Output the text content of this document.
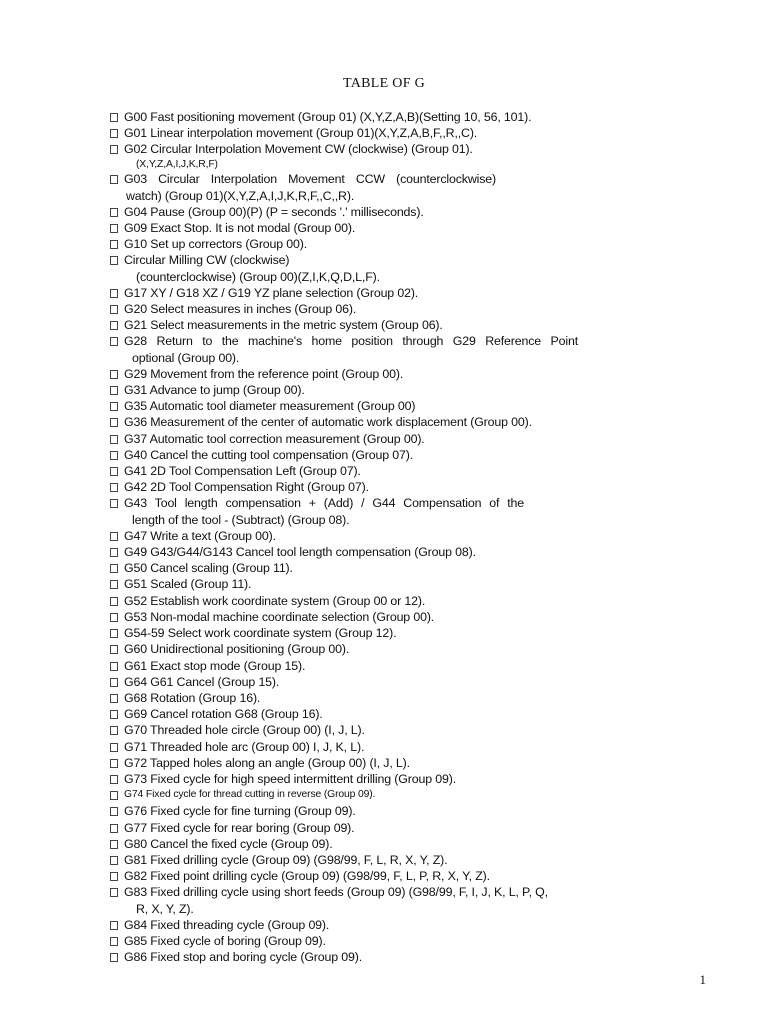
TABLE OF G
G00 Fast positioning movement (Group 01) (X,Y,Z,A,B)(Setting 10, 56, 101).
G01 Linear interpolation movement (Group 01)(X,Y,Z,A,B,F,,R,,C).
G02 Circular Interpolation Movement CW (clockwise) (Group 01).
(X,Y,Z,A,I,J,K,R,F)
G03 Circular Interpolation Movement CCW (counterclockwise)
watch) (Group 01)(X,Y,Z,A,I,J,K,R,F,,C,,R).
G04 Pause (Group 00)(P) (P = seconds '.' milliseconds).
G09 Exact Stop. It is not modal (Group 00).
G10 Set up correctors (Group 00).
Circular Milling CW (clockwise)
(counterclockwise) (Group 00)(Z,I,K,Q,D,L,F).
G17 XY / G18 XZ / G19 YZ plane selection (Group 02).
G20 Select measures in inches (Group 06).
G21 Select measurements in the metric system (Group 06).
G28 Return to the machine's home position through G29 Reference Point
optional (Group 00).
G29 Movement from the reference point (Group 00).
G31 Advance to jump (Group 00).
G35 Automatic tool diameter measurement (Group 00)
G36 Measurement of the center of automatic work displacement (Group 00).
G37 Automatic tool correction measurement (Group 00).
G40 Cancel the cutting tool compensation (Group 07).
G41 2D Tool Compensation Left (Group 07).
G42 2D Tool Compensation Right (Group 07).
G43 Tool length compensation + (Add) / G44 Compensation of the
length of the tool - (Subtract) (Group 08).
G47 Write a text (Group 00).
G49 G43/G44/G143 Cancel tool length compensation (Group 08).
G50 Cancel scaling (Group 11).
G51 Scaled (Group 11).
G52 Establish work coordinate system (Group 00 or 12).
G53 Non-modal machine coordinate selection (Group 00).
G54-59 Select work coordinate system (Group 12).
G60 Unidirectional positioning (Group 00).
G61 Exact stop mode (Group 15).
G64 G61 Cancel (Group 15).
G68 Rotation (Group 16).
G69 Cancel rotation G68 (Group 16).
G70 Threaded hole circle (Group 00) (I, J, L).
G71 Threaded hole arc (Group 00) I, J, K, L).
G72 Tapped holes along an angle (Group 00) (I, J, L).
G73 Fixed cycle for high speed intermittent drilling (Group 09).
G74 Fixed cycle for thread cutting in reverse (Group 09).
G76 Fixed cycle for fine turning (Group 09).
G77 Fixed cycle for rear boring (Group 09).
G80 Cancel the fixed cycle (Group 09).
G81 Fixed drilling cycle (Group 09) (G98/99, F, L, R, X, Y, Z).
G82 Fixed point drilling cycle (Group 09) (G98/99, F, L, P, R, X, Y, Z).
G83 Fixed drilling cycle using short feeds (Group 09) (G98/99, F, I, J, K, L, P, Q,
R, X, Y, Z).
G84 Fixed threading cycle (Group 09).
G85 Fixed cycle of boring (Group 09).
G86 Fixed stop and boring cycle (Group 09).
1
